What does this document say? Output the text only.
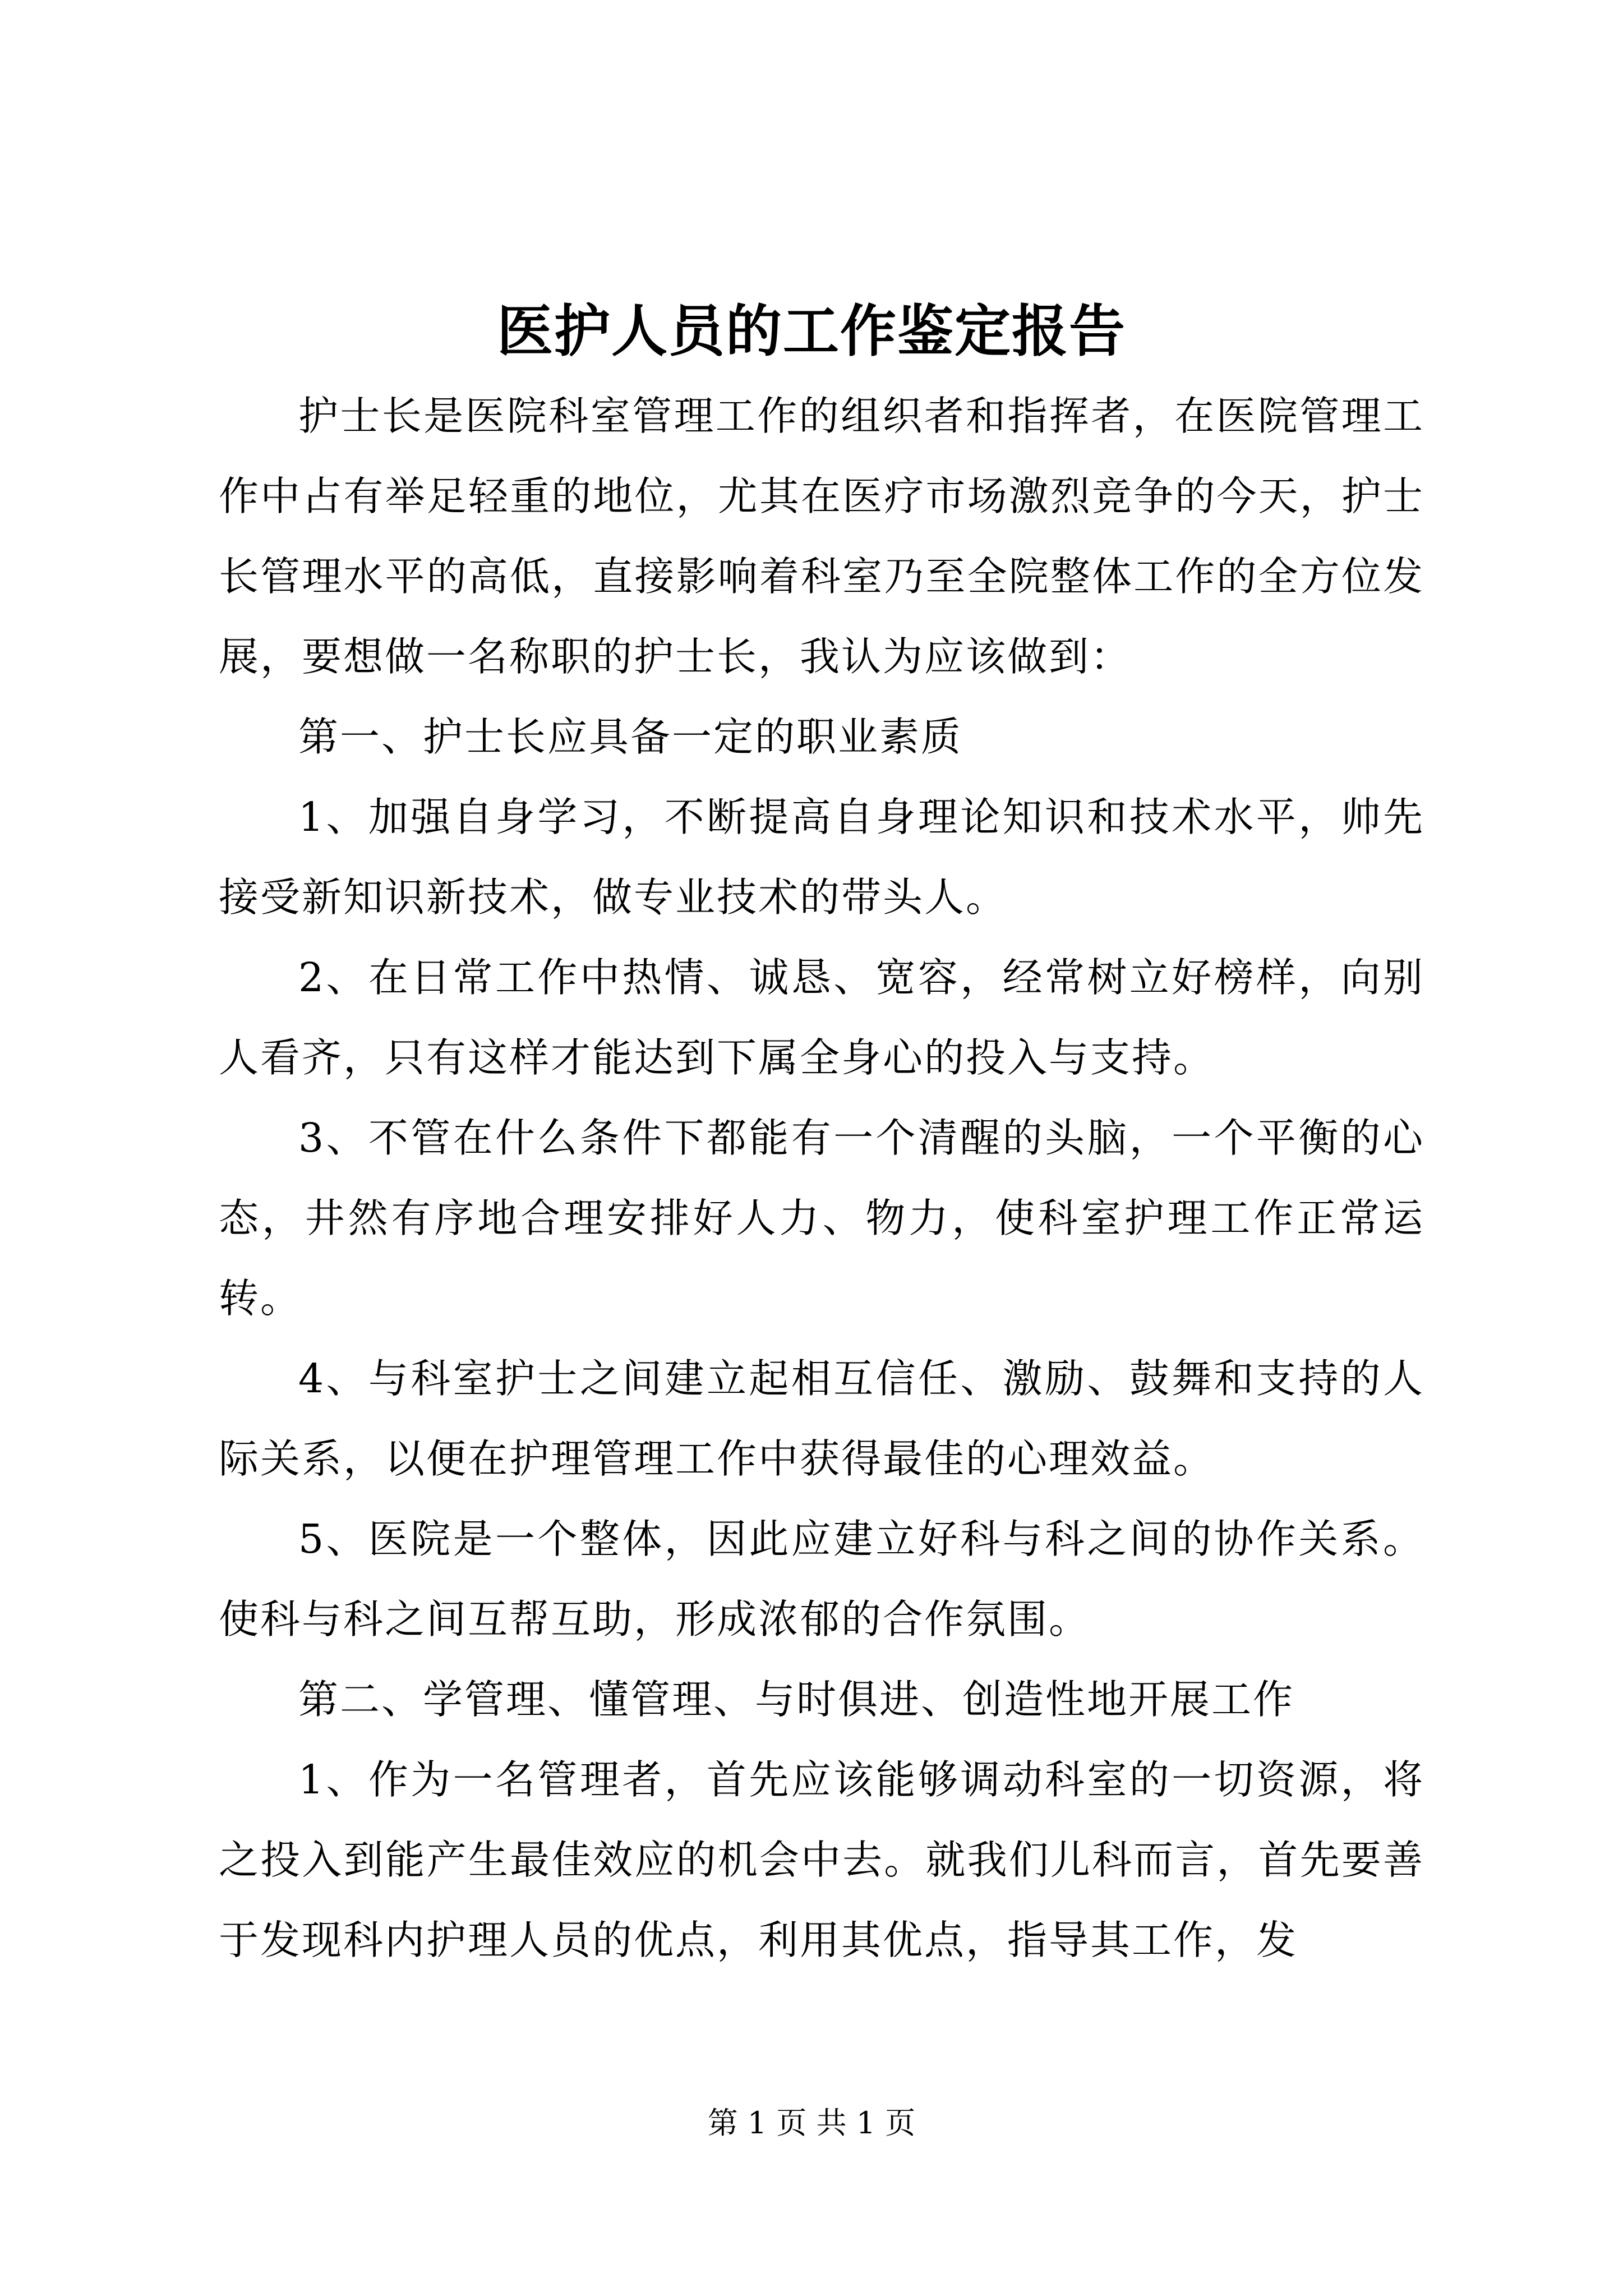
医护人员的工作鉴定报告

护士长是医院科室管理工作的组织者和指挥者，在医院管理工作中占有举足轻重的地位，尤其在医疗市场激烈竞争的今天，护士长管理水平的高低，直接影响着科室乃至全院整体工作的全方位发展，要想做一名称职的护士长，我认为应该做到：

第一、护士长应具备一定的职业素质

1、加强自身学习，不断提高自身理论知识和技术水平，帅先接受新知识新技术，做专业技术的带头人。

2、在日常工作中热情、诚恳、宽容，经常树立好榜样，向别人看齐，只有这样才能达到下属全身心的投入与支持。

3、不管在什么条件下都能有一个清醒的头脑，一个平衡的心态，井然有序地合理安排好人力、物力，使科室护理工作正常运转。

4、与科室护士之间建立起相互信任、激励、鼓舞和支持的人际关系，以便在护理管理工作中获得最佳的心理效益。

5、医院是一个整体，因此应建立好科与科之间的协作关系。使科与科之间互帮互助，形成浓郁的合作氛围。

第二、学管理、懂管理、与时俱进、创造性地开展工作

1、作为一名管理者，首先应该能够调动科室的一切资源，将之投入到能产生最佳效应的机会中去。就我们儿科而言，首先要善于发现科内护理人员的优点，利用其优点，指导其工作，发

第 1 页 共 1 页
